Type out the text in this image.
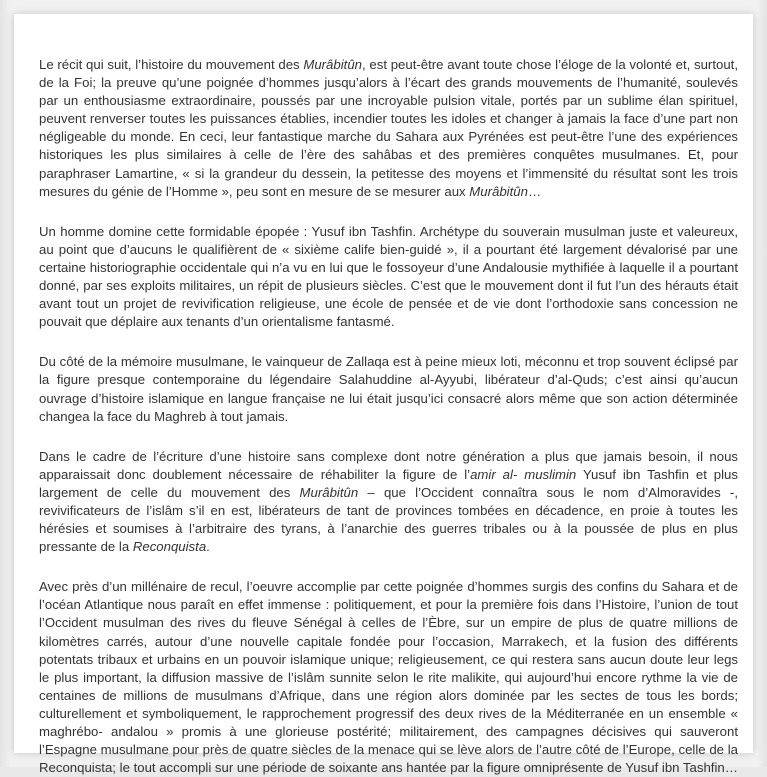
Le récit qui suit, l’histoire du mouvement des Murâbitûn, est peut-être avant toute chose l’éloge de la volonté et, surtout, de la Foi; la preuve qu’une poignée d’hommes jusqu’alors à l’écart des grands mouvements de l’humanité, soulevés par un enthousiasme extraordinaire, poussés par une incroyable pulsion vitale, portés par un sublime élan spirituel, peuvent renverser toutes les puissances établies, incendier toutes les idoles et changer à jamais la face d’une part non négligeable du monde. En ceci, leur fantastique marche du Sahara aux Pyrénées est peut-être l’une des expériences historiques les plus similaires à celle de l’ère des sahâbas et des premières conquêtes musulmanes. Et, pour paraphraser Lamartine, « si la grandeur du dessein, la petitesse des moyens et l’immensité du résultat sont les trois mesures du génie de l’Homme », peu sont en mesure de se mesurer aux Murâbitûn…

Un homme domine cette formidable épopée : Yusuf ibn Tashfin. Archétype du souverain musulman juste et valeureux, au point que d’aucuns le qualifièrent de « sixième calife bien-guidé », il a pourtant été largement dévalorisé par une certaine historiographie occidentale qui n’a vu en lui que le fossoyeur d’une Andalousie mythifiée à laquelle il a pourtant donné, par ses exploits militaires, un répit de plusieurs siècles. C’est que le mouvement dont il fut l’un des hérauts était avant tout un projet de revivification religieuse, une école de pensée et de vie dont l’orthodoxie sans concession ne pouvait que déplaire aux tenants d’un orientalisme fantasmé.

Du côté de la mémoire musulmane, le vainqueur de Zallaqa est à peine mieux loti, méconnu et trop souvent éclipsé par la figure presque contemporaine du légendaire Salahuddine al-Ayyubi, libérateur d’al-Quds; c’est ainsi qu’aucun ouvrage d’histoire islamique en langue française ne lui était jusqu’ici consacré alors même que son action déterminée changea la face du Maghreb à tout jamais.

Dans le cadre de l’écriture d’une histoire sans complexe dont notre génération a plus que jamais besoin, il nous apparaissait donc doublement nécessaire de réhabiliter la figure de l’amir al- muslimin Yusuf ibn Tashfin et plus largement de celle du mouvement des Murâbitûn – que l’Occident connaîtra sous le nom d’Almoravides -, revivificateurs de l’islâm s’il en est, libérateurs de tant de provinces tombées en décadence, en proie à toutes les hérésies et soumises à l’arbitraire des tyrans, à l’anarchie des guerres tribales ou à la poussée de plus en plus pressante de la Reconquista.

Avec près d’un millénaire de recul, l’oeuvre accomplie par cette poignée d’hommes surgis des confins du Sahara et de l’océan Atlantique nous paraît en effet immense : politiquement, et pour la première fois dans l’Histoire, l’union de tout l’Occident musulman des rives du fleuve Sénégal à celles de l’Èbre, sur un empire de plus de quatre millions de kilomètres carrés, autour d’une nouvelle capitale fondée pour l’occasion, Marrakech, et la fusion des différents potentats tribaux et urbains en un pouvoir islamique unique; religieusement, ce qui restera sans aucun doute leur legs le plus important, la diffusion massive de l’islâm sunnite selon le rite malikite, qui aujourd’hui encore rythme la vie de centaines de millions de musulmans d’Afrique, dans une région alors dominée par les sectes de tous les bords; culturellement et symboliquement, le rapprochement progressif des deux rives de la Méditerranée en un ensemble « maghrébo- andalou » promis à une glorieuse postérité; militairement, des campagnes décisives qui sauveront l’Espagne musulmane pour près de quatre siècles de la menace qui se lève alors de l’autre côté de l’Europe, celle de la Reconquista; le tout accompli sur une période de soixante ans hantée par la figure omniprésente de Yusuf ibn Tashfin…
